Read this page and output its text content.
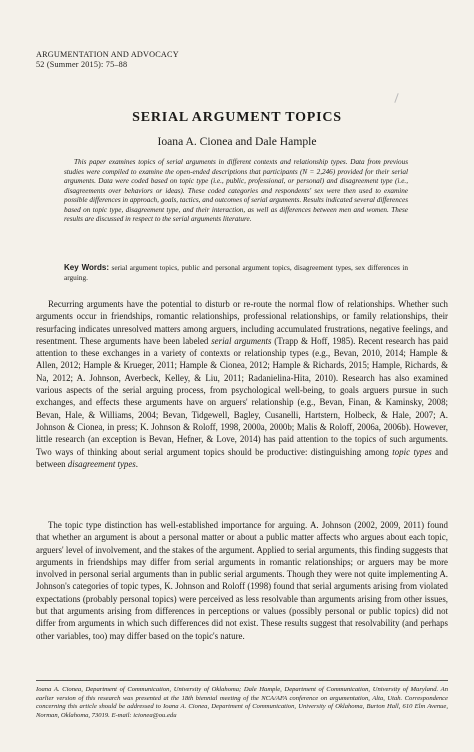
ARGUMENTATION AND ADVOCACY
52 (Summer 2015): 75–88
SERIAL ARGUMENT TOPICS
Ioana A. Cionea and Dale Hample
This paper examines topics of serial arguments in different contexts and relationship types. Data from previous studies were compiled to examine the open-ended descriptions that participants (N = 2,246) provided for their serial arguments. Data were coded based on topic type (i.e., public, professional, or personal) and disagreement type (i.e., disagreements over behaviors or ideas). These coded categories and respondents' sex were then used to examine possible differences in approach, goals, tactics, and outcomes of serial arguments. Results indicated several differences based on topic type, disagreement type, and their interaction, as well as differences between men and women. These results are discussed in respect to the serial arguments literature.
Key Words: serial argument topics, public and personal argument topics, disagreement types, sex differences in arguing.
Recurring arguments have the potential to disturb or re-route the normal flow of relationships. Whether such arguments occur in friendships, romantic relationships, professional relationships, or family relationships, their resurfacing indicates unresolved matters among arguers, including accumulated frustrations, negative feelings, and resentment. These arguments have been labeled serial arguments (Trapp & Hoff, 1985). Recent research has paid attention to these exchanges in a variety of contexts or relationship types (e.g., Bevan, 2010, 2014; Hample & Allen, 2012; Hample & Krueger, 2011; Hample & Cionea, 2012; Hample & Richards, 2015; Hample, Richards, & Na, 2012; A. Johnson, Averbeck, Kelley, & Liu, 2011; Radanielina-Hita, 2010). Research has also examined various aspects of the serial arguing process, from psychological well-being, to goals arguers pursue in such exchanges, and effects these arguments have on arguers' relationship (e.g., Bevan, Finan, & Kaminsky, 2008; Bevan, Hale, & Williams, 2004; Bevan, Tidgewell, Bagley, Cusanelli, Hartstern, Holbeck, & Hale, 2007; A. Johnson & Cionea, in press; K. Johnson & Roloff, 1998, 2000a, 2000b; Malis & Roloff, 2006a, 2006b). However, little research (an exception is Bevan, Hefner, & Love, 2014) has paid attention to the topics of such arguments. Two ways of thinking about serial argument topics should be productive: distinguishing among topic types and between disagreement types.
The topic type distinction has well-established importance for arguing. A. Johnson (2002, 2009, 2011) found that whether an argument is about a personal matter or about a public matter affects who argues about each topic, arguers' level of involvement, and the stakes of the argument. Applied to serial arguments, this finding suggests that arguments in friendships may differ from serial arguments in romantic relationships; or arguers may be more involved in personal serial arguments than in public serial arguments. Though they were not quite implementing A. Johnson's categories of topic types, K. Johnson and Roloff (1998) found that serial arguments arising from violated expectations (probably personal topics) were perceived as less resolvable than arguments arising from other issues, but that arguments arising from differences in perceptions or values (possibly personal or public topics) did not differ from arguments in which such differences did not exist. These results suggest that resolvability (and perhaps other variables, too) may differ based on the topic's nature.
Ioana A. Cionea, Department of Communication, University of Oklahoma; Dale Hample, Department of Communication, University of Maryland. An earlier version of this research was presented at the 18th biennial meeting of the NCA/AFA conference on argumentation, Alta, Utah. Correspondence concerning this article should be addressed to Ioana A. Cionea, Department of Communication, University of Oklahoma, Burton Hall, 610 Elm Avenue, Norman, Oklahoma, 73019. E-mail: icionea@ou.edu
